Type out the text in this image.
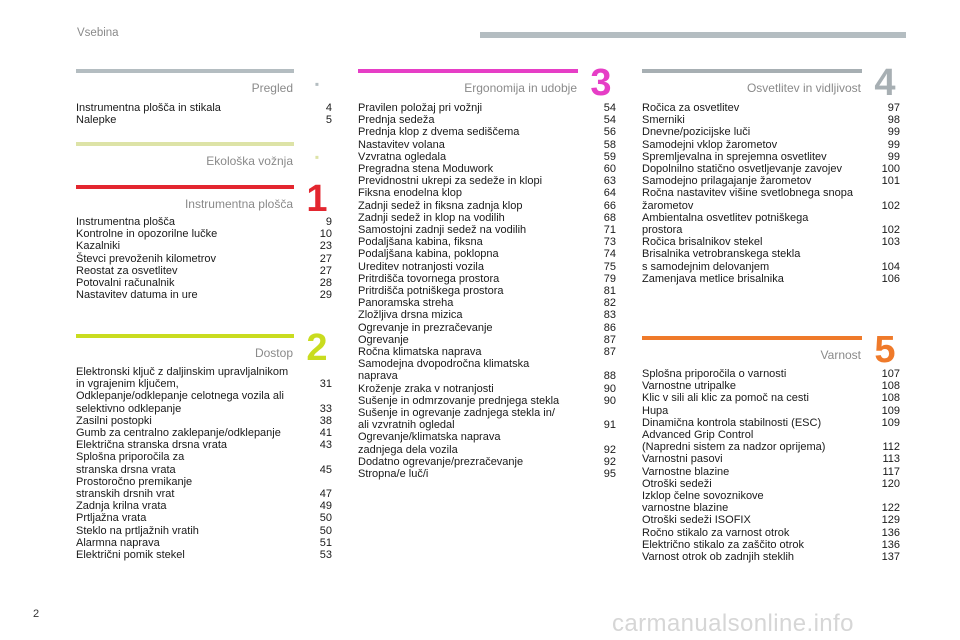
Vsebina
Pregled ▪
Instrumentna plošča in stikala	4
Nalepke	5
Ekološka vožnja ▪
Instrumentna plošča 1
Instrumentna plošča	9
Kontrolne in opozorilne lučke	10
Kazalniki	23
Števci prevoženih kilometrov	27
Reostat za osvetlitev	27
Potovalni računalnik	28
Nastavitev datuma in ure	29
Dostop 2
Elektronski ključ z daljinskim upravljalnikom
in vgrajenim ključem,	31
Odklepanje/odklepanje celotnega vozila ali
selektivno odklepanje	33
Zasilni postopki	38
Gumb za centralno zaklepanje/odklepanje	41
Električna stranska drsna vrata	43
Splošna priporočila za
stranska drsna vrata	45
Prostoročno premikanje
stranskih drsnih vrat	47
Zadnja krilna vrata	49
Prtljažna vrata	50
Steklo na prtljažnih vratih	50
Alarmna naprava	51
Električni pomik stekel	53
Ergonomija in udobje 3
Pravilen položaj pri vožnji	54
Prednja sedeža	54
Prednja klop z dvema sediščema	56
Nastavitev volana	58
Vzvratna ogledala	59
Pregradna stena Moduwork	60
Previdnostni ukrepi za sedeže in klopi	63
Fiksna enodelna klop	64
Zadnji sedež in fiksna zadnja klop	66
Zadnji sedež in klop na vodilih	68
Samostojni zadnji sedež na vodilih	71
Podaljšana kabina, fiksna	73
Podaljšana kabina, poklopna	74
Ureditev notranjosti vozila	75
Pritrdišča tovornega prostora	79
Pritrdišča potniškega prostora	81
Panoramska streha	82
Zložljiva drsna mizica	83
Ogrevanje in prezračevanje	86
Ogrevanje	87
Ročna klimatska naprava	87
Samodejna dvopodročna klimatska
naprava	88
Kroženje zraka v notranjosti	90
Sušenje in odmrzovanje prednjega stekla	90
Sušenje in ogrevanje zadnjega stekla in/
ali vzvratnih ogledal	91
Ogrevanje/klimatska naprava
zadnjega dela vozila	92
Dodatno ogrevanje/prezračevanje	92
Stropna/e luč/i	95
Osvetlitev in vidljivost 4
Ročica za osvetlitev	97
Smerniki	98
Dnevne/pozicijske luči	99
Samodejni vklop žarometov	99
Spremljevalna in sprejemna osvetlitev	99
Dopolnilno statično osvetljevanje zavojev	100
Samodejno prilagajanje žarometov	101
Ročna nastavitev višine svetlobnega snopa
žarometov	102
Ambientalna osvetlitev potniškega
prostora	102
Ročica brisalnikov stekel	103
Brisalnika vetrobranskega stekla
s samodejnim delovanjem	104
Zamenjava metlice brisalnika	106
Varnost 5
Splošna priporočila o varnosti	107
Varnostne utripalke	108
Klic v sili ali klic za pomoč na cesti	108
Hupa	109
Dinamična kontrola stabilnosti (ESC)	109
Advanced Grip Control
(Napredni sistem za nadzor oprijema)	112
Varnostni pasovi	113
Varnostne blazine	117
Otroški sedeži	120
Izklop čelne sovoznikove
varnostne blazine	122
Otroški sedeži ISOFIX	129
Ročno stikalo za varnost otrok	136
Električno stikalo za zaščito otrok	136
Varnost otrok ob zadnjih steklih	137
2	carmanualsonline.info
